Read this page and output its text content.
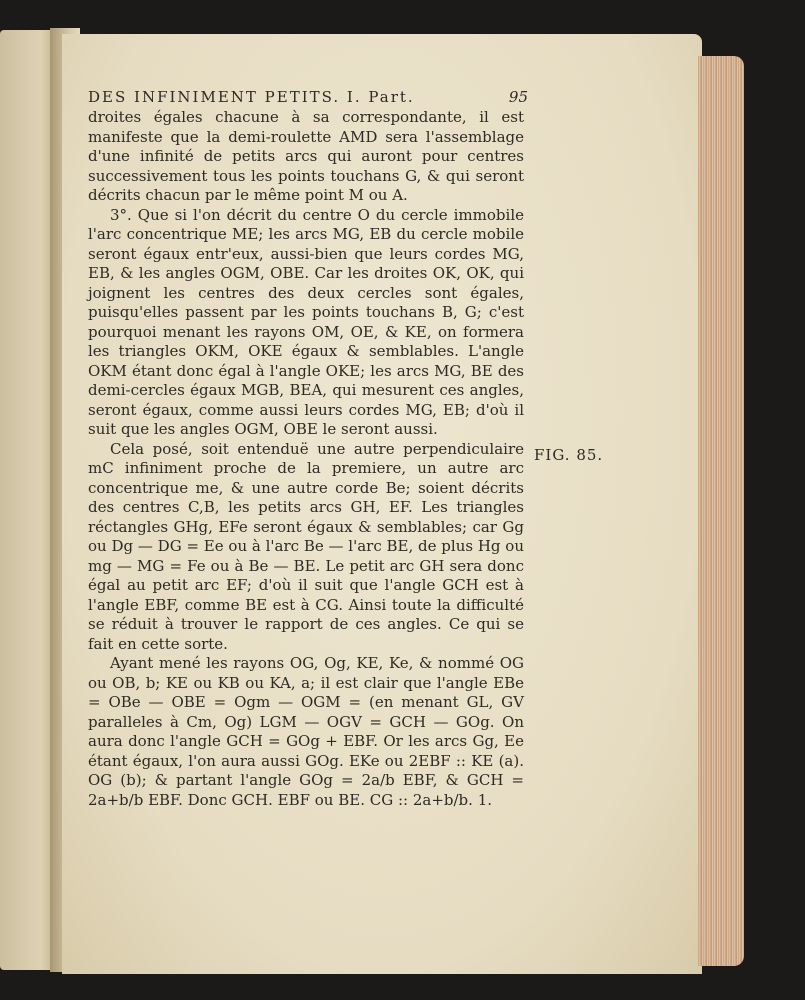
DES INFINIMENT PETITS. I. Part.	95

droites égales chacune à sa correspondante, il est manifeste que la demi-roulette AMD sera l'assemblage d'une infinité de petits arcs qui auront pour centres successivement tous les points touchans G, & qui seront décrits chacun par le même point M ou A.

3°. Que si l'on décrit du centre O du cercle immobile l'arc concentrique ME; les arcs MG, EB du cercle mobile seront égaux entr'eux, aussi-bien que leurs cordes MG, EB, & les angles OGM, OBE. Car les droites OK, OK, qui joignent les centres des deux cercles sont égales, puisqu'elles passent par les points touchans B, G; c'est pourquoi menant les rayons OM, OE, & KE, on formera les triangles OKM, OKE égaux & semblables. L'angle OKM étant donc égal à l'angle OKE; les arcs MG, BE des demi-cercles égaux MGB, BEA, qui mesurent ces angles, seront égaux, comme aussi leurs cordes MG, EB; d'où il suit que les angles OGM, OBE le seront aussi.

Cela posé, soit entenduë une autre perpendiculaire mC infiniment proche de la premiere, un autre arc concentrique me, & une autre corde Be; soient décrits des centres C,B, les petits arcs GH, EF. Les triangles réctangles GHg, EFe seront égaux & semblables; car Gg ou Dg — DG = Ee ou à l'arc Be — l'arc BE, de plus Hg ou mg — MG = Fe ou à Be — BE. Le petit arc GH sera donc égal au petit arc EF; d'où il suit que l'angle GCH est à l'angle EBF, comme BE est à CG. Ainsi toute la difficulté se réduit à trouver le rapport de ces angles. Ce qui se fait en cette sorte.

Ayant mené les rayons OG, Og, KE, Ke, & nommé OG ou OB, b; KE ou KB ou KA, a; il est clair que l'angle EBe = OBe — OBE = Ogm — OGM = (en menant GL, GV paralleles à Cm, Og) LGM — OGV = GCH — GOg. On aura donc l'angle GCH = GOg + EBF. Or les arcs Gg, Ee étant égaux, l'on aura aussi GOg. EKe ou 2EBF :: KE (a). OG (b); & partant l'angle GOg = 2a/b EBF, & GCH = 2a+b/b EBF. Donc GCH. EBF ou BE. CG :: 2a+b/b. 1.

FIG. 85.
